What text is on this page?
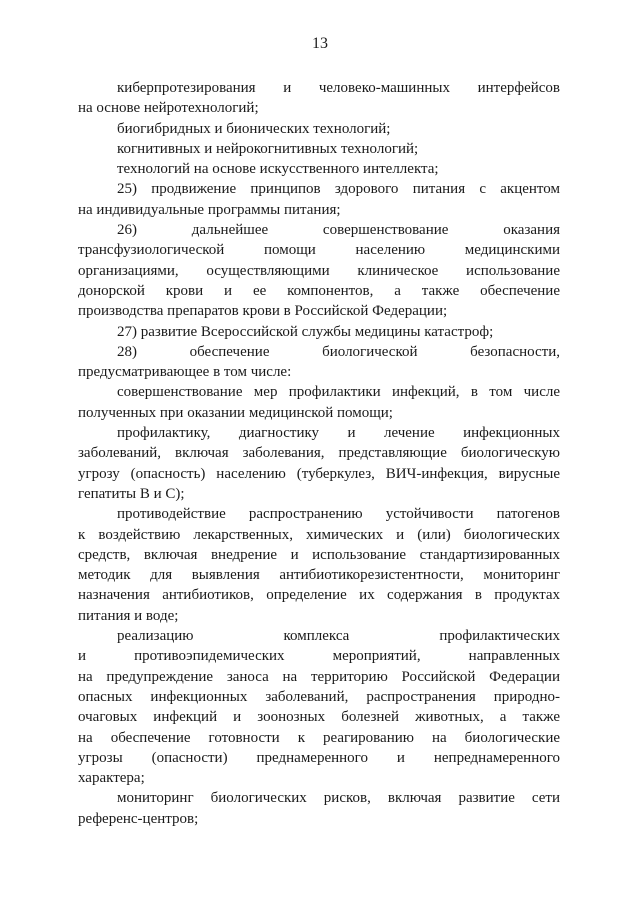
13
киберпротезирования и человеко-машинных интерфейсов
на основе нейротехнологий;
биогибридных и бионических технологий;
когнитивных и нейрокогнитивных технологий;
технологий на основе искусственного интеллекта;
25) продвижение принципов здорового питания с акцентом
на индивидуальные программы питания;
26) дальнейшее совершенствование оказания
трансфузиологической помощи населению медицинскими
организациями, осуществляющими клиническое использование
донорской крови и ее компонентов, а также обеспечение
производства препаратов крови в Российской Федерации;
27) развитие Всероссийской службы медицины катастроф;
28) обеспечение биологической безопасности,
предусматривающее в том числе:
совершенствование мер профилактики инфекций, в том числе
полученных при оказании медицинской помощи;
профилактику, диагностику и лечение инфекционных
заболеваний, включая заболевания, представляющие биологическую
угрозу (опасность) населению (туберкулез, ВИЧ-инфекция, вирусные
гепатиты В и С);
противодействие распространению устойчивости патогенов
к воздействию лекарственных, химических и (или) биологических
средств, включая внедрение и использование стандартизированных
методик для выявления антибиотикорезистентности, мониторинг
назначения антибиотиков, определение их содержания в продуктах
питания и воде;
реализацию комплекса профилактических
и противоэпидемических мероприятий, направленных
на предупреждение заноса на территорию Российской Федерации
опасных инфекционных заболеваний, распространения природно-
очаговых инфекций и зоонозных болезней животных, а также
на обеспечение готовности к реагированию на биологические
угрозы (опасности) преднамеренного и непреднамеренного
характера;
мониторинг биологических рисков, включая развитие сети
референс-центров;
